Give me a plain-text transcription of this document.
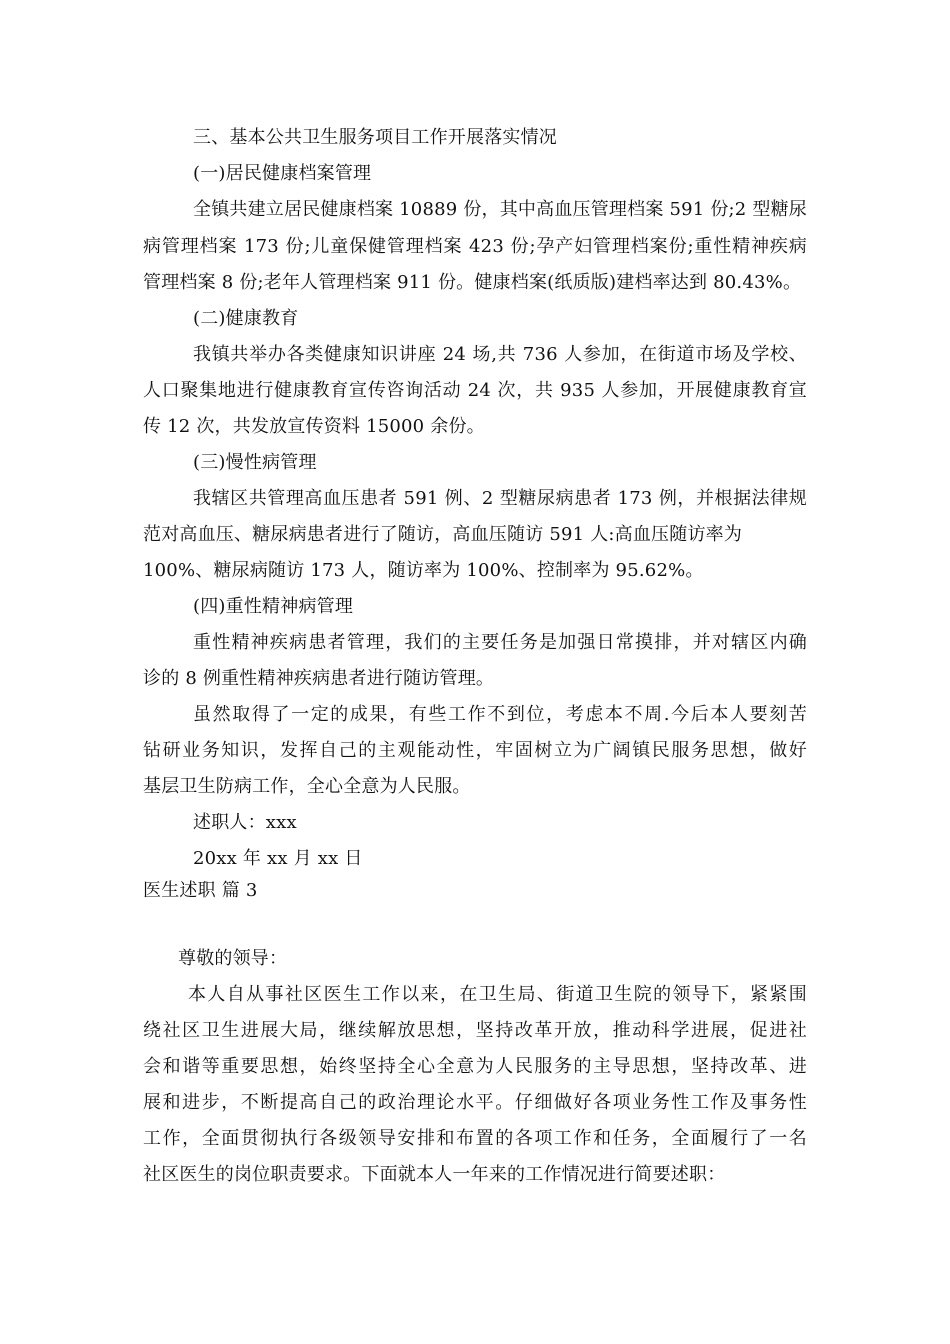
三、基本公共卫生服务项目工作开展落实情况
(一)居民健康档案管理
全镇共建立居民健康档案 10889 份，其中高血压管理档案 591 份;2 型糖尿
病管理档案 173 份;儿童保健管理档案 423 份;孕产妇管理档案份;重性精神疾病
管理档案 8 份;老年人管理档案 911 份。健康档案(纸质版)建档率达到 80.43%。
(二)健康教育
我镇共举办各类健康知识讲座 24 场,共 736 人参加，在街道市场及学校、
人口聚集地进行健康教育宣传咨询活动 24 次，共 935 人参加，开展健康教育宣
传 12 次，共发放宣传资料 15000 余份。
(三)慢性病管理
我辖区共管理高血压患者 591 例、2 型糖尿病患者 173 例，并根据法律规
范对高血压、糖尿病患者进行了随访，高血压随访 591 人:高血压随访率为
100%、糖尿病随访 173 人，随访率为 100%、控制率为 95.62%。
(四)重性精神病管理
重性精神疾病患者管理，我们的主要任务是加强日常摸排，并对辖区内确
诊的 8 例重性精神疾病患者进行随访管理。
虽然取得了一定的成果，有些工作不到位，考虑本不周.今后本人要刻苦
钻研业务知识，发挥自己的主观能动性，牢固树立为广阔镇民服务思想，做好
基层卫生防病工作，全心全意为人民服。
述职人：xxx
20xx 年 xx 月 xx 日
医生述职 篇 3
尊敬的领导：
本人自从事社区医生工作以来，在卫生局、街道卫生院的领导下，紧紧围
绕社区卫生进展大局，继续解放思想，坚持改革开放，推动科学进展，促进社
会和谐等重要思想，始终坚持全心全意为人民服务的主导思想，坚持改革、进
展和进步，不断提高自己的政治理论水平。仔细做好各项业务性工作及事务性
工作，全面贯彻执行各级领导安排和布置的各项工作和任务，全面履行了一名
社区医生的岗位职责要求。下面就本人一年来的工作情况进行简要述职：
